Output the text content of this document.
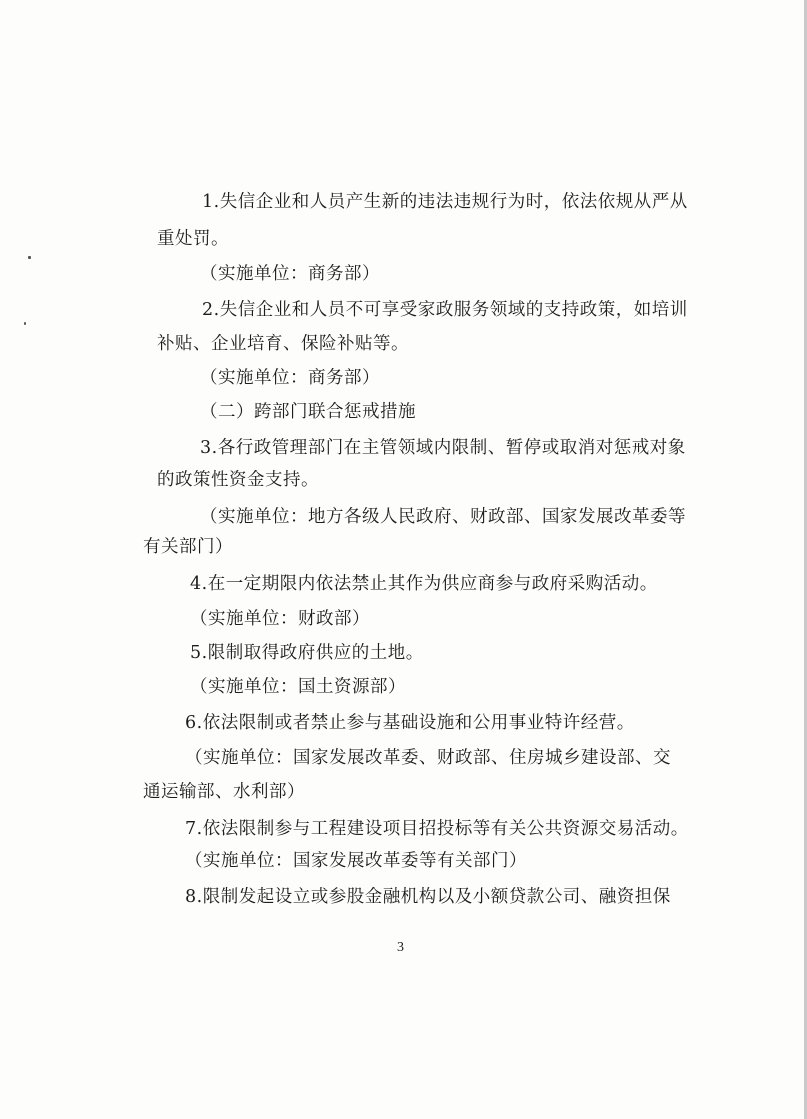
1.失信企业和人员产生新的违法违规行为时，依法依规从严从
重处罚。
（实施单位：商务部）
2.失信企业和人员不可享受家政服务领域的支持政策，如培训
补贴、企业培育、保险补贴等。
（实施单位：商务部）
（二）跨部门联合惩戒措施
3.各行政管理部门在主管领域内限制、暂停或取消对惩戒对象
的政策性资金支持。
（实施单位：地方各级人民政府、财政部、国家发展改革委等
有关部门）
4.在一定期限内依法禁止其作为供应商参与政府采购活动。
（实施单位：财政部）
5.限制取得政府供应的土地。
（实施单位：国土资源部）
6.依法限制或者禁止参与基础设施和公用事业特许经营。
（实施单位：国家发展改革委、财政部、住房城乡建设部、交
通运输部、水利部）
7.依法限制参与工程建设项目招投标等有关公共资源交易活动。
（实施单位：国家发展改革委等有关部门）
8.限制发起设立或参股金融机构以及小额贷款公司、融资担保
3
